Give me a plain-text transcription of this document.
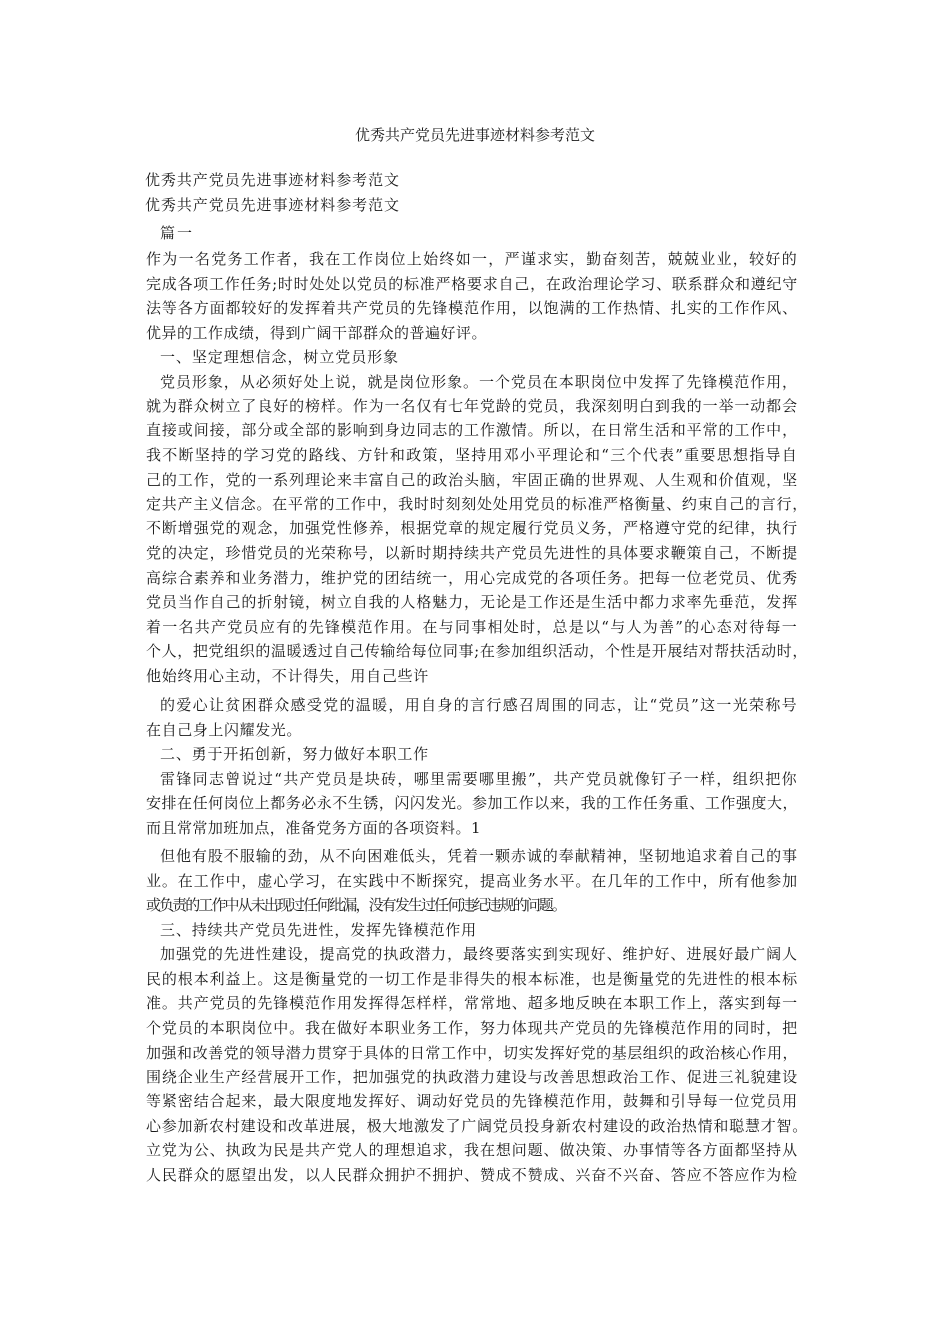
优秀共产党员先进事迹材料参考范文
优秀共产党员先进事迹材料参考范文
优秀共产党员先进事迹材料参考范文
篇一
作为一名党务工作者，我在工作岗位上始终如一，严谨求实，勤奋刻苦，兢兢业业，较好的
完成各项工作任务;时时处处以党员的标准严格要求自己，在政治理论学习、联系群众和遵纪守
法等各方面都较好的发挥着共产党员的先锋模范作用，以饱满的工作热情、扎实的工作作风、
优异的工作成绩，得到广阔干部群众的普遍好评。
一、坚定理想信念，树立党员形象
党员形象，从必须好处上说，就是岗位形象。一个党员在本职岗位中发挥了先锋模范作用，
就为群众树立了良好的榜样。作为一名仅有七年党龄的党员，我深刻明白到我的一举一动都会
直接或间接，部分或全部的影响到身边同志的工作激情。所以，在日常生活和平常的工作中，
我不断坚持的学习党的路线、方针和政策，坚持用邓小平理论和“三个代表”重要思想指导自
己的工作，党的一系列理论来丰富自己的政治头脑，牢固正确的世界观、人生观和价值观，坚
定共产主义信念。在平常的工作中，我时时刻刻处处用党员的标准严格衡量、约束自己的言行，
不断增强党的观念，加强党性修养，根据党章的规定履行党员义务，严格遵守党的纪律，执行
党的决定，珍惜党员的光荣称号，以新时期持续共产党员先进性的具体要求鞭策自己，不断提
高综合素养和业务潜力，维护党的团结统一，用心完成党的各项任务。把每一位老党员、优秀
党员当作自己的折射镜，树立自我的人格魅力，无论是工作还是生活中都力求率先垂范，发挥
着一名共产党员应有的先锋模范作用。在与同事相处时，总是以“与人为善”的心态对待每一
个人，把党组织的温暖透过自己传输给每位同事;在参加组织活动，个性是开展结对帮扶活动时，
他始终用心主动，不计得失，用自己些许
的爱心让贫困群众感受党的温暖，用自身的言行感召周围的同志，让“党员”这一光荣称号
在自己身上闪耀发光。
二、勇于开拓创新，努力做好本职工作
雷锋同志曾说过“共产党员是块砖，哪里需要哪里搬”，共产党员就像钉子一样，组织把你
安排在任何岗位上都务必永不生锈，闪闪发光。参加工作以来，我的工作任务重、工作强度大，
而且常常加班加点，准备党务方面的各项资料。1
但他有股不服输的劲，从不向困难低头，凭着一颗赤诚的奉献精神，坚韧地追求着自己的事
业。在工作中，虚心学习，在实践中不断探究，提高业务水平。在几年的工作中，所有他参加
或负责的工作中从未出现过任何纰漏，没有发生过任何违纪违规的问题。
三、持续共产党员先进性，发挥先锋模范作用
加强党的先进性建设，提高党的执政潜力，最终要落实到实现好、维护好、进展好最广阔人
民的根本利益上。这是衡量党的一切工作是非得失的根本标准，也是衡量党的先进性的根本标
准。共产党员的先锋模范作用发挥得怎样样，常常地、超多地反映在本职工作上，落实到每一
个党员的本职岗位中。我在做好本职业务工作，努力体现共产党员的先锋模范作用的同时，把
加强和改善党的领导潜力贯穿于具体的日常工作中，切实发挥好党的基层组织的政治核心作用，
围绕企业生产经营展开工作，把加强党的执政潜力建设与改善思想政治工作、促进三礼貌建设
等紧密结合起来，最大限度地发挥好、调动好党员的先锋模范作用，鼓舞和引导每一位党员用
心参加新农村建设和改革进展，极大地激发了广阔党员投身新农村建设的政治热情和聪慧才智。
立党为公、执政为民是共产党人的理想追求，我在想问题、做决策、办事情等各方面都坚持从
人民群众的愿望出发，以人民群众拥护不拥护、赞成不赞成、兴奋不兴奋、答应不答应作为检
